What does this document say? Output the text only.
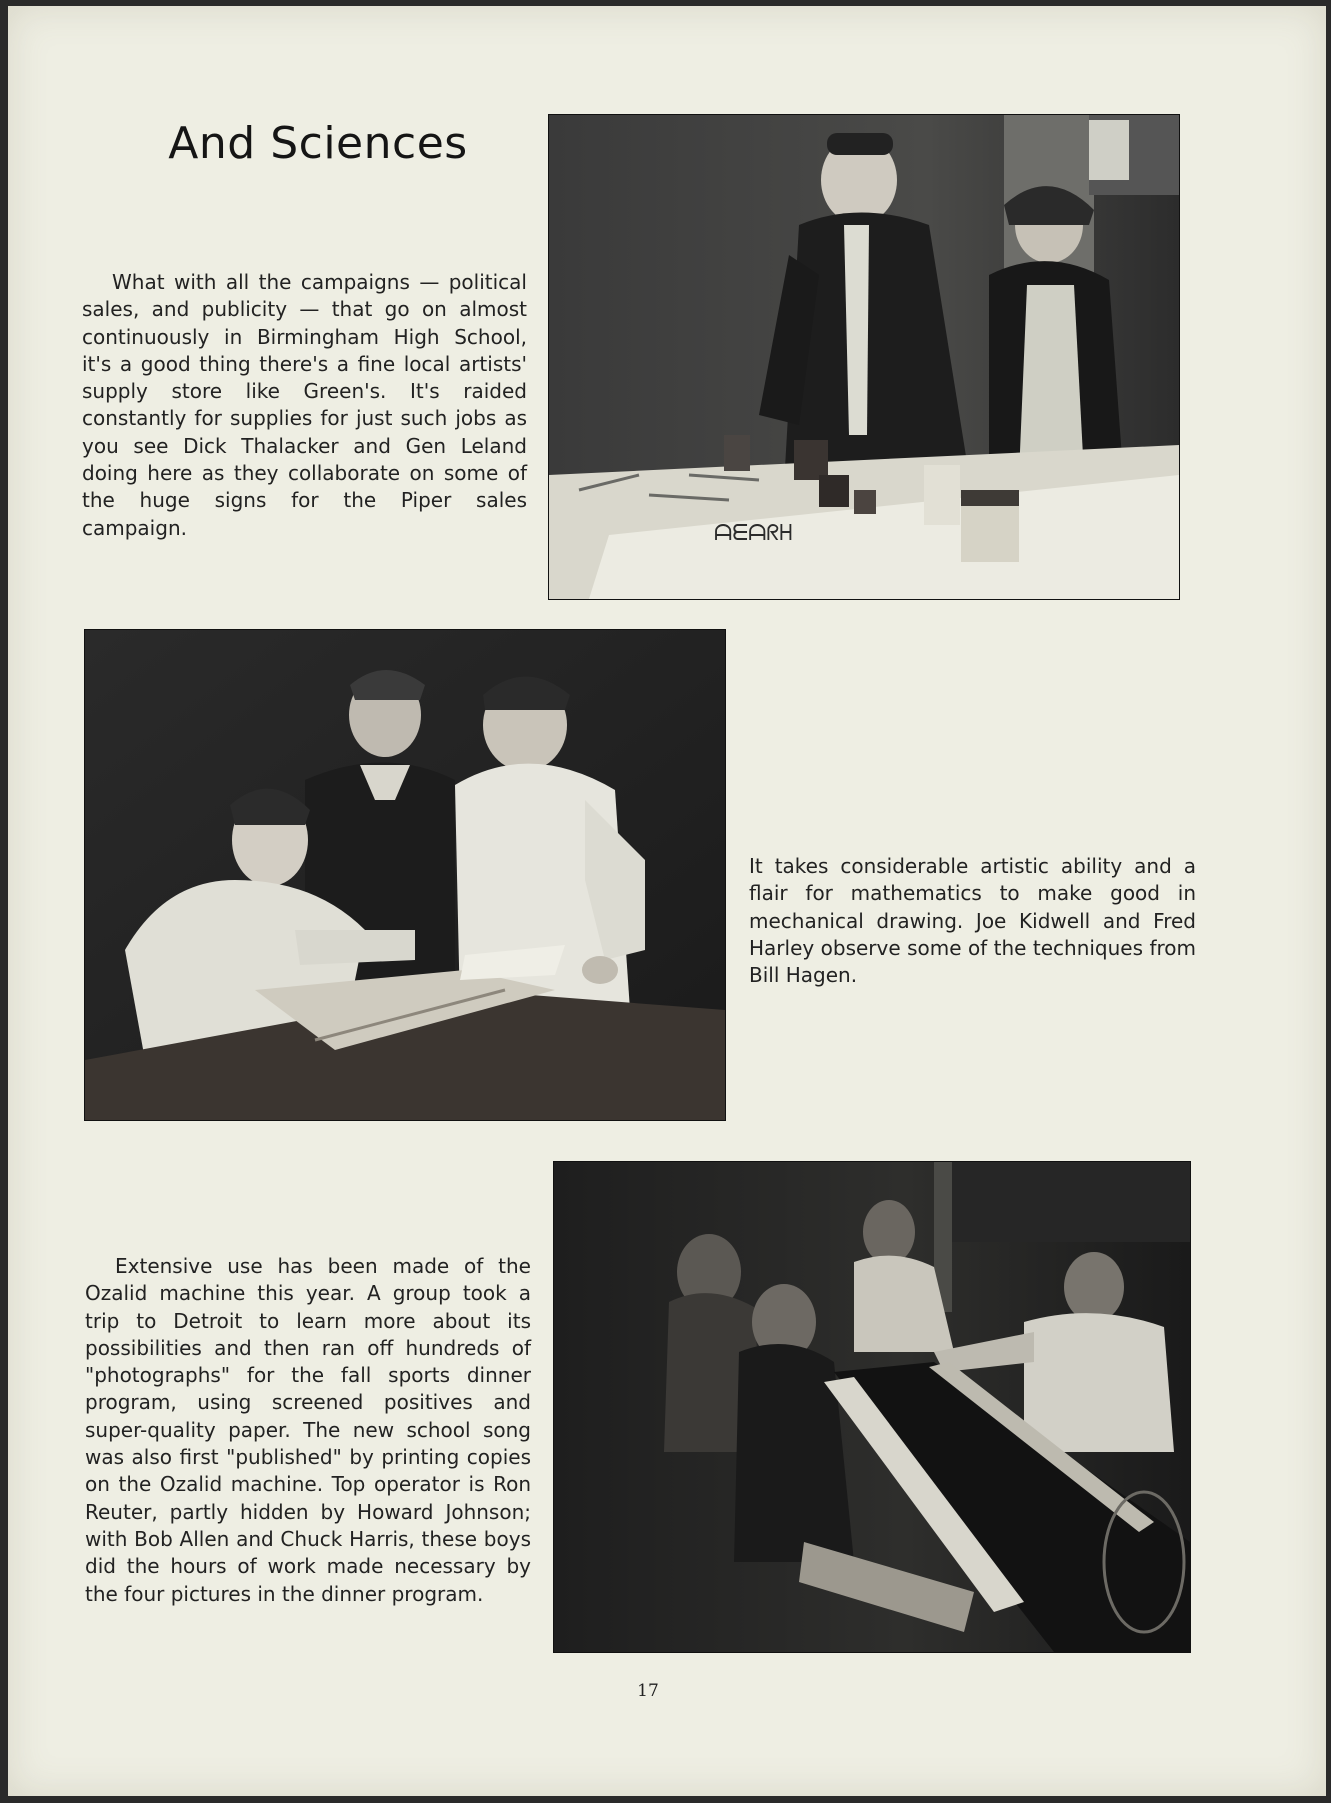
And Sciences
ᗩᗴᗩᖇᕼ
What with all the campaigns — political sales, and publicity — that go on almost continuously in Birmingham High School, it's a good thing there's a fine local artists' supply store like Green's. It's raided constantly for supplies for just such jobs as you see Dick Thalacker and Gen Leland doing here as they collaborate on some of the huge signs for the Piper sales campaign.
It takes considerable artistic ability and a flair for mathematics to make good in mechanical drawing. Joe Kidwell and Fred Harley observe some of the techniques from Bill Hagen.
Extensive use has been made of the Ozalid machine this year. A group took a trip to Detroit to learn more about its possibilities and then ran off hundreds of "photographs" for the fall sports dinner program, using screened positives and super-quality paper. The new school song was also first "published" by printing copies on the Ozalid machine. Top operator is Ron Reuter, partly hidden by Howard Johnson; with Bob Allen and Chuck Harris, these boys did the hours of work made necessary by the four pictures in the dinner program.
17
